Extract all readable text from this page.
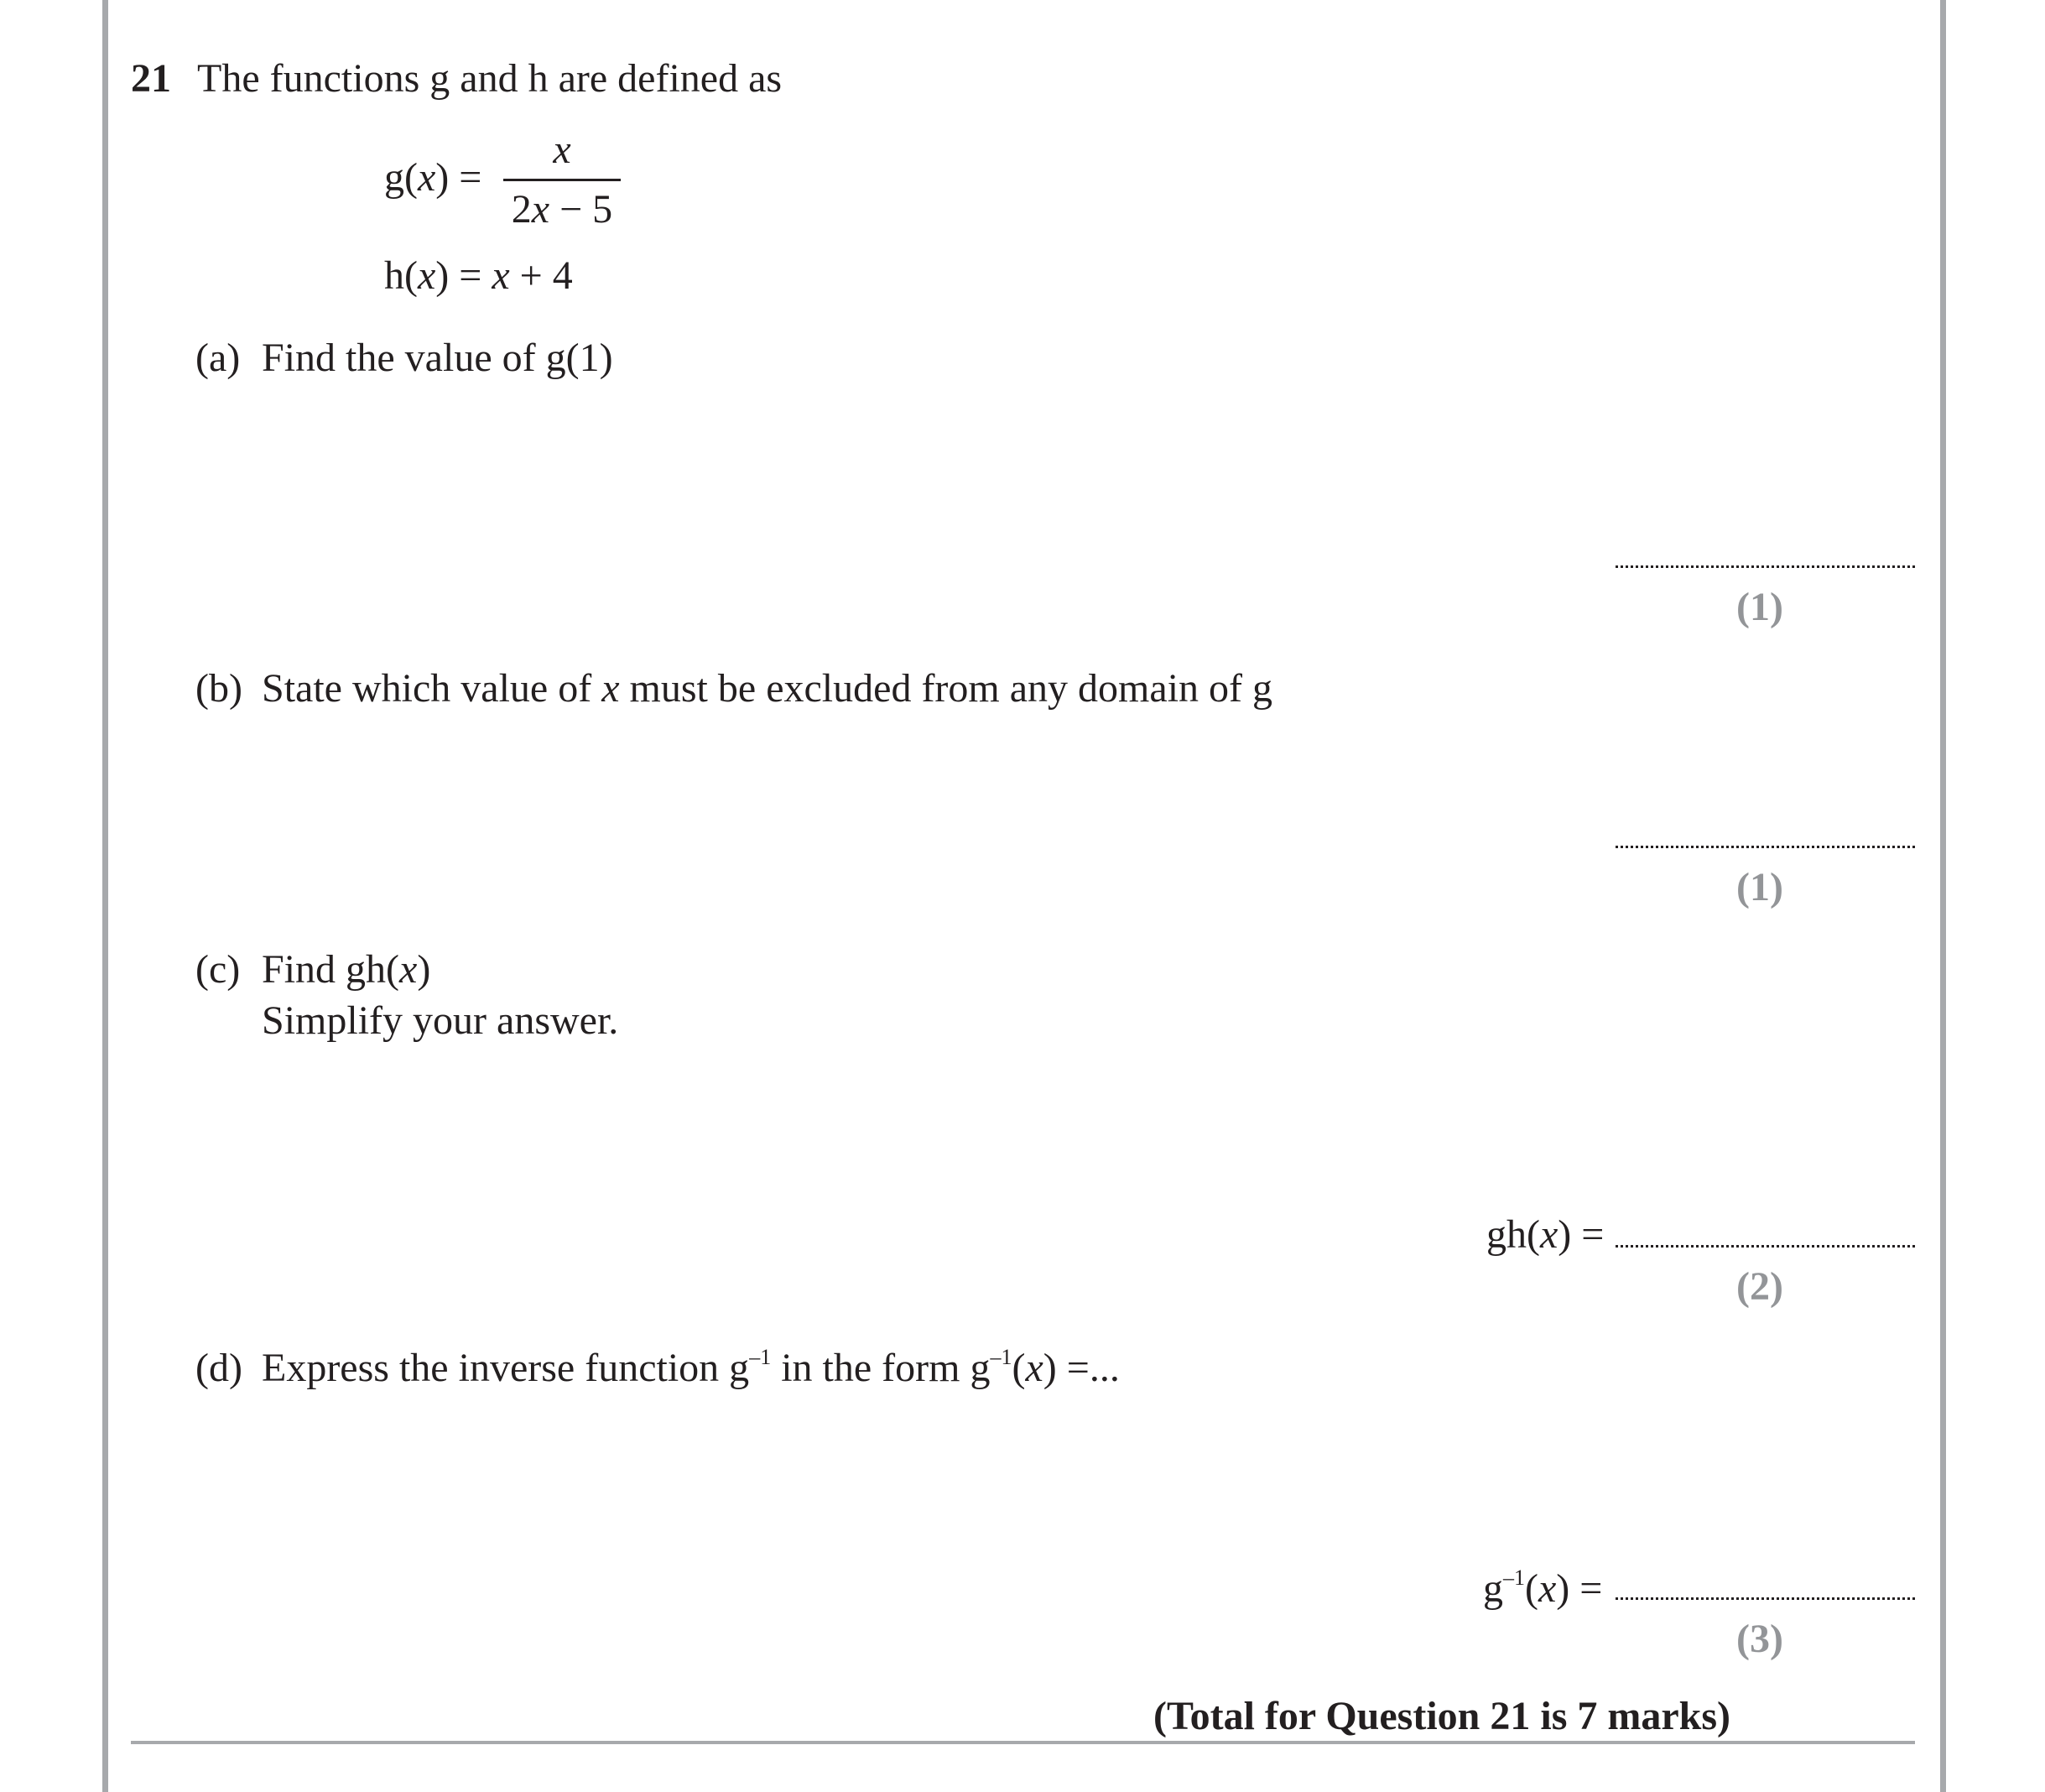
21 The functions g and h are defined as
g(x) =
x
2x − 5
h(x) = x + 4
(a) Find the value of g(1)
(1)
(b) State which value of x must be excluded from any domain of g
(1)
(c) Find gh(x)
Simplify your answer.
gh(x) =
(2)
(d) Express the inverse function $g^{-1}$ in the form $g^{-1}(x)$ =...
$g^{-1}(x)$ =
(3)
(Total for Question 21 is 7 marks)
